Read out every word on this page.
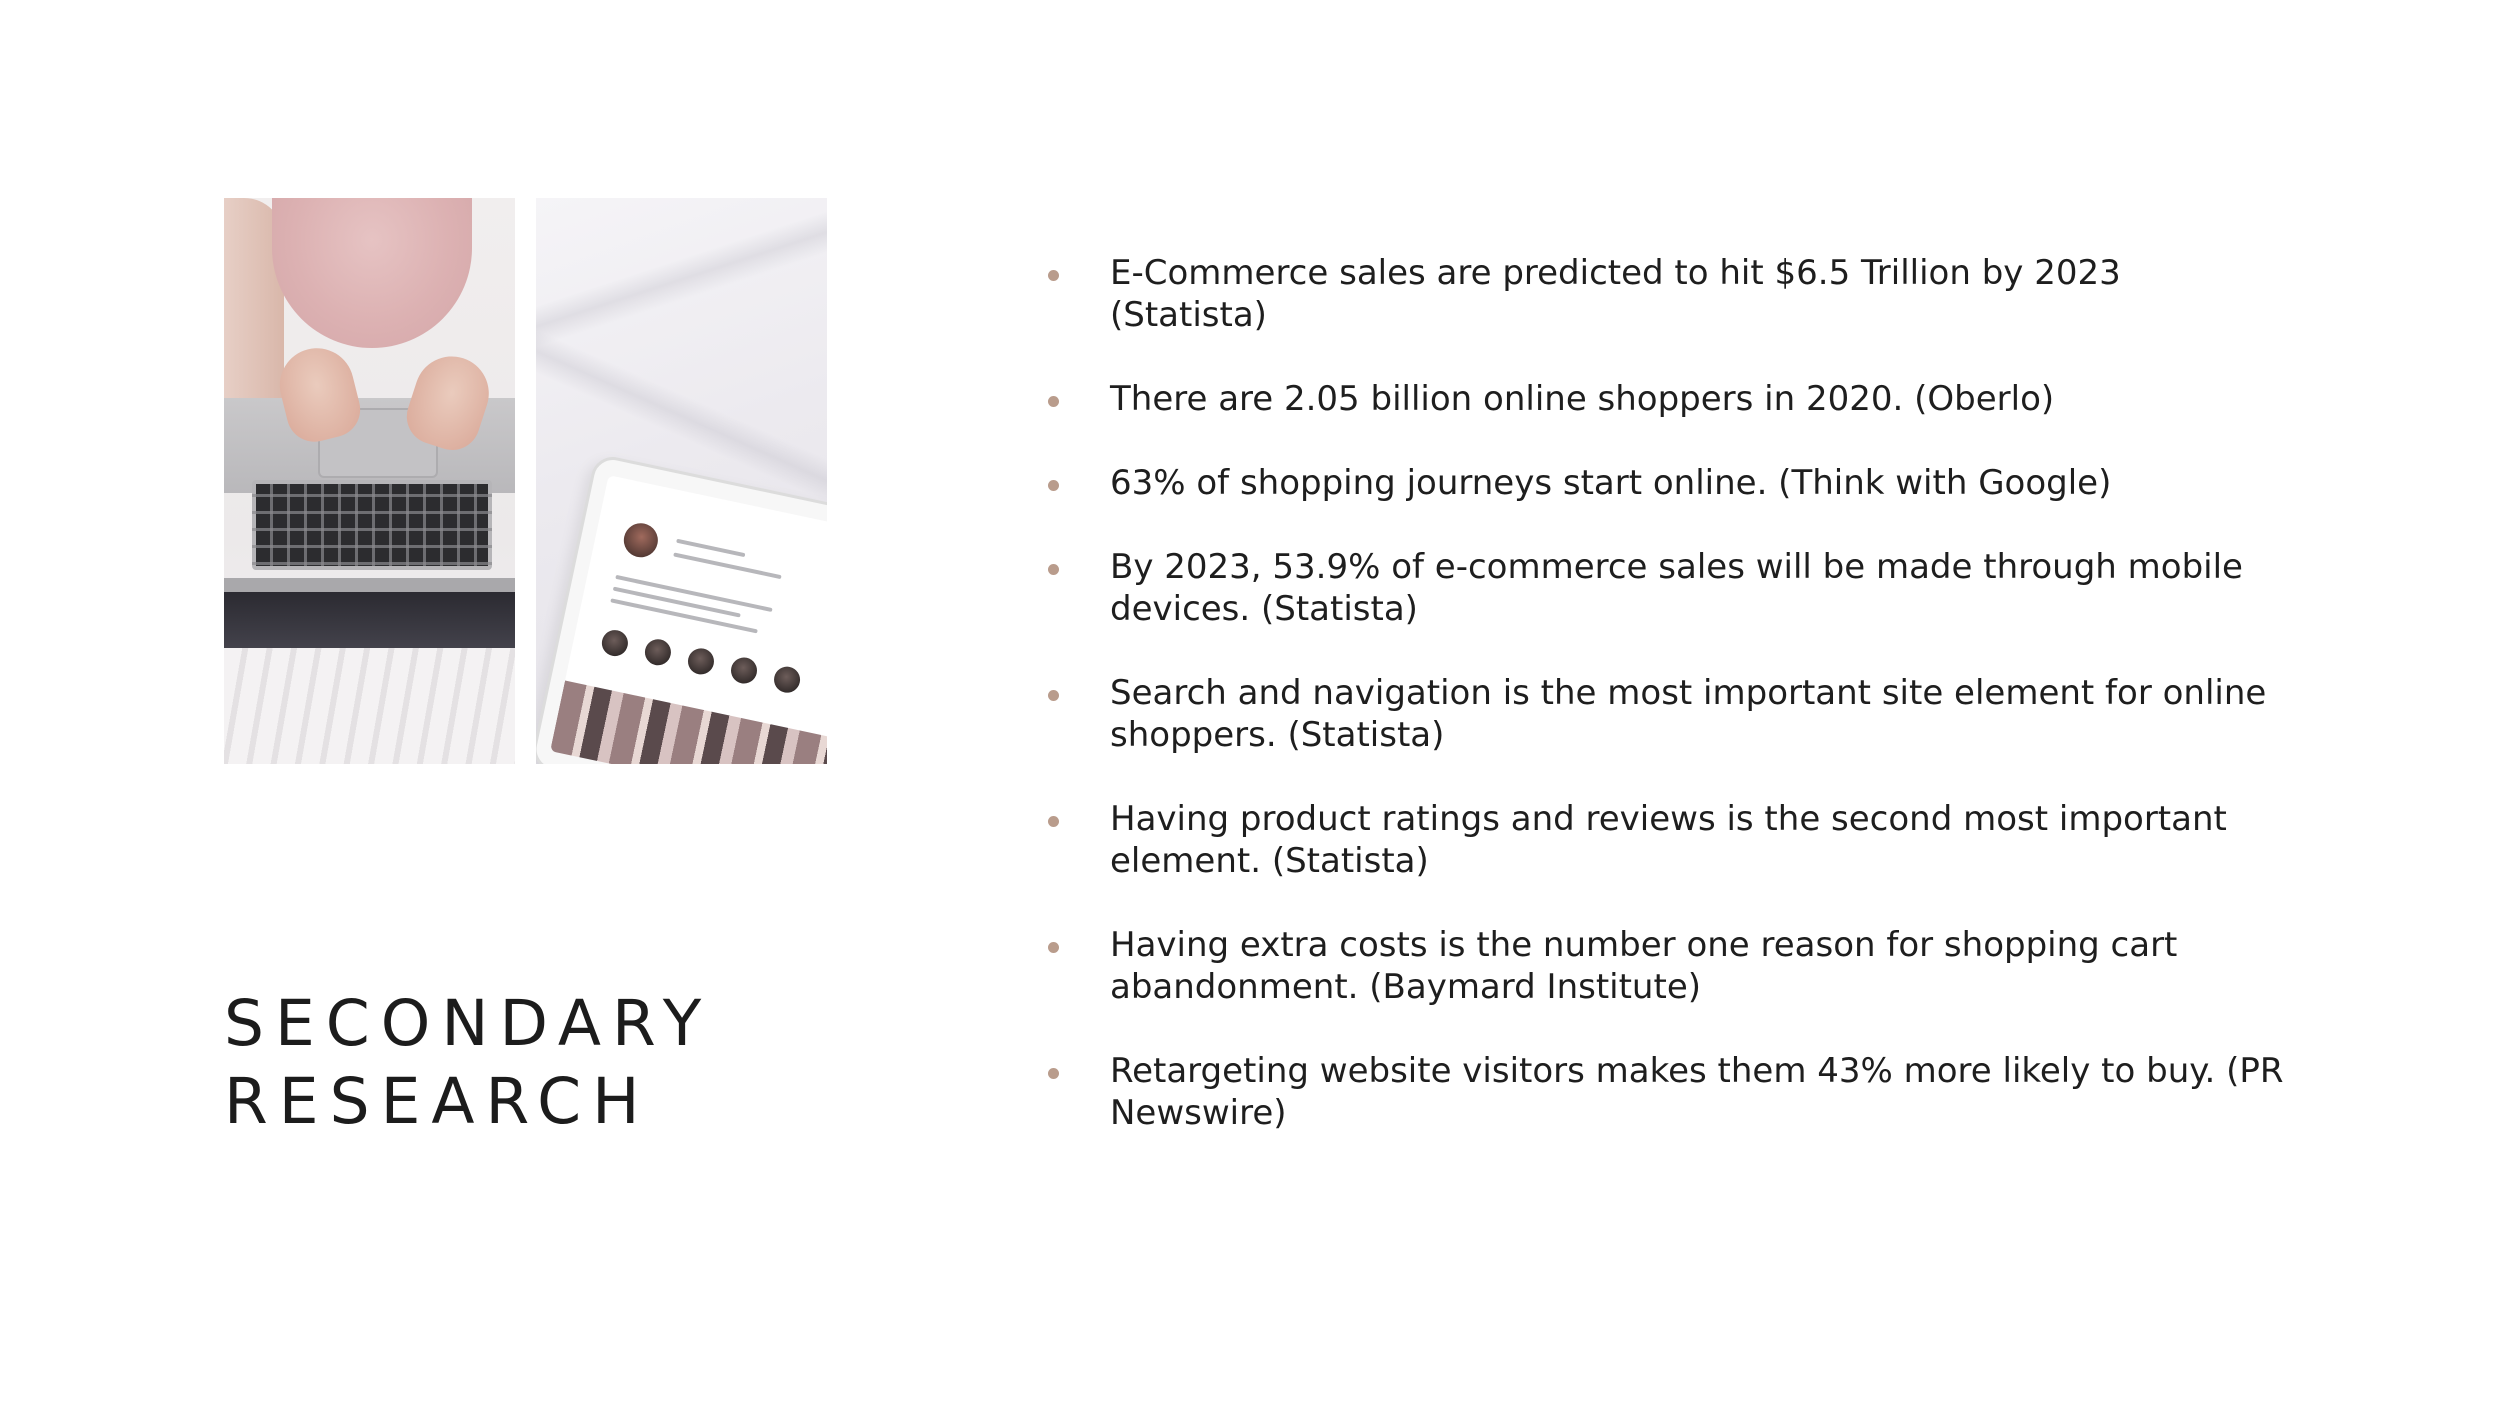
SECONDARY
RESEARCH
E-Commerce sales are predicted to hit $6.5 Trillion by 2023 (Statista)
There are 2.05 billion online shoppers in 2020. (Oberlo)
63% of shopping journeys start online. (Think with Google)
By 2023, 53.9% of e-commerce sales will be made through mobile devices. (Statista)
Search and navigation is the most important site element for online shoppers. (Statista)
Having product ratings and reviews is the second most important element. (Statista)
Having extra costs is the number one reason for shopping cart abandonment. (Baymard Institute)
Retargeting website visitors makes them 43% more likely to buy. (PR Newswire)
